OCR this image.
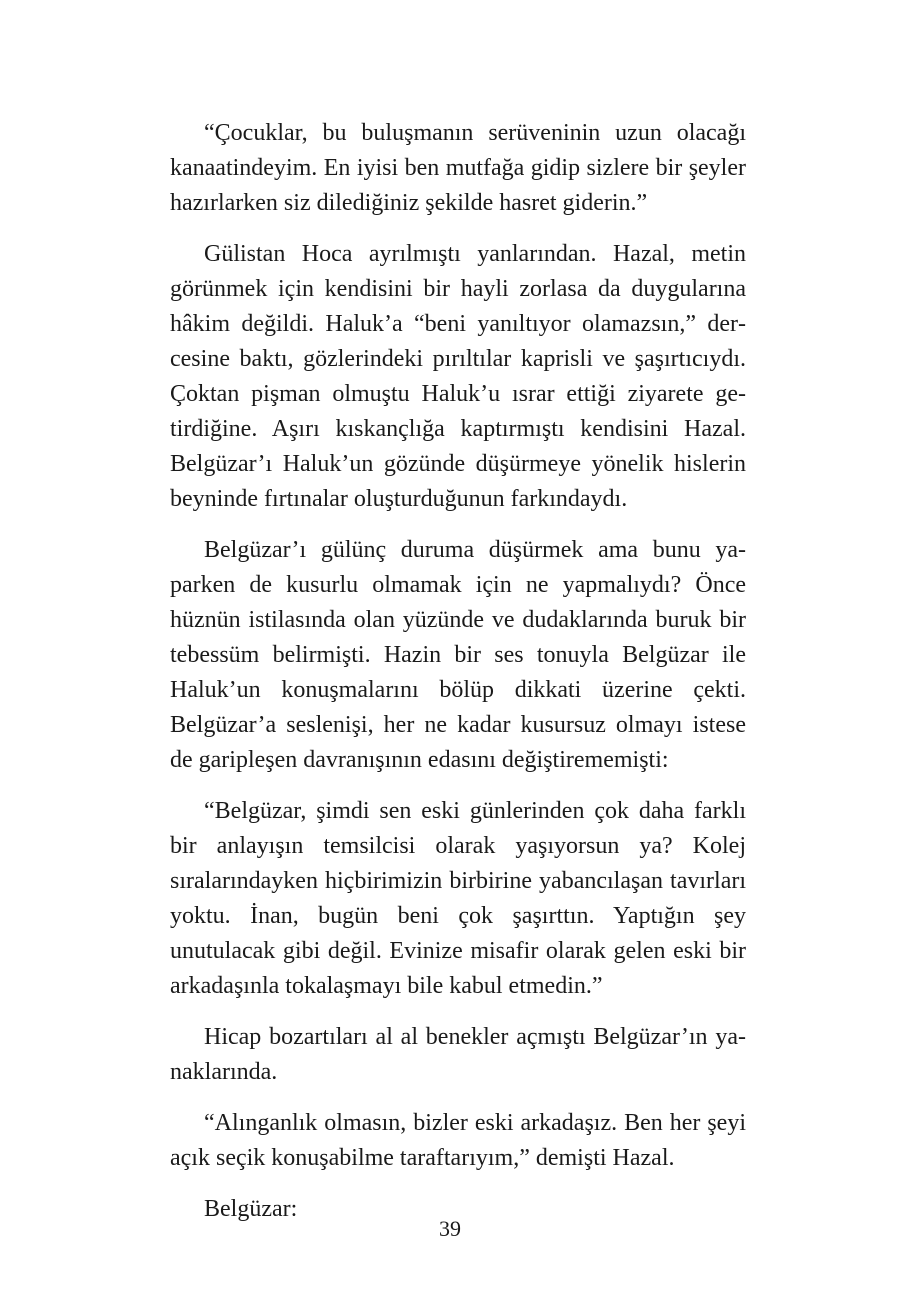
“Çocuklar, bu buluşmanın serüveninin uzun olacağı kanaatindeyim. En iyisi ben mutfağa gidip sizlere bir şeyler hazırlarken siz dilediğiniz şekilde hasret giderin.”

Gülistan Hoca ayrılmıştı yanlarından. Hazal, metin görünmek için kendisini bir hayli zorlasa da duygularına hâkim değildi. Haluk’a “beni yanıltıyor olamazsın,” dercesine baktı, gözlerindeki pırıltılar kaprisli ve şaşırtıcıydı. Çoktan pişman olmuştu Haluk’u ısrar ettiği ziyarete getirdiğine. Aşırı kıskançlığa kaptırmıştı kendisini Hazal. Belgüzar’ı Haluk’un gözünde düşürmeye yönelik hislerin beyninde fırtınalar oluşturduğunun farkındaydı.

Belgüzar’ı gülünç duruma düşürmek ama bunu yaparken de kusurlu olmamak için ne yapmalıydı? Önce hüznün istilasında olan yüzünde ve dudaklarında buruk bir tebessüm belirmişti. Hazin bir ses tonuyla Belgüzar ile Haluk’un konuşmalarını bölüp dikkati üzerine çekti. Belgüzar’a seslenişi, her ne kadar kusursuz olmayı istese de garipleşen davranışının edasını değiştirememişti:

“Belgüzar, şimdi sen eski günlerinden çok daha farklı bir anlayışın temsilcisi olarak yaşıyorsun ya? Kolej sıralarındayken hiçbirimizin birbirine yabancılaşan tavırları yoktu. İnan, bugün beni çok şaşırttın. Yaptığın şey unutulacak gibi değil. Evinize misafir olarak gelen eski bir arkadaşınla tokalaşmayı bile kabul etmedin.”

Hicap bozartıları al al benekler açmıştı Belgüzar’ın yanaklarında.

“Alınganlık olmasın, bizler eski arkadaşız. Ben her şeyi açık seçik konuşabilme taraftarıyım,” demişti Hazal.

Belgüzar:

39
